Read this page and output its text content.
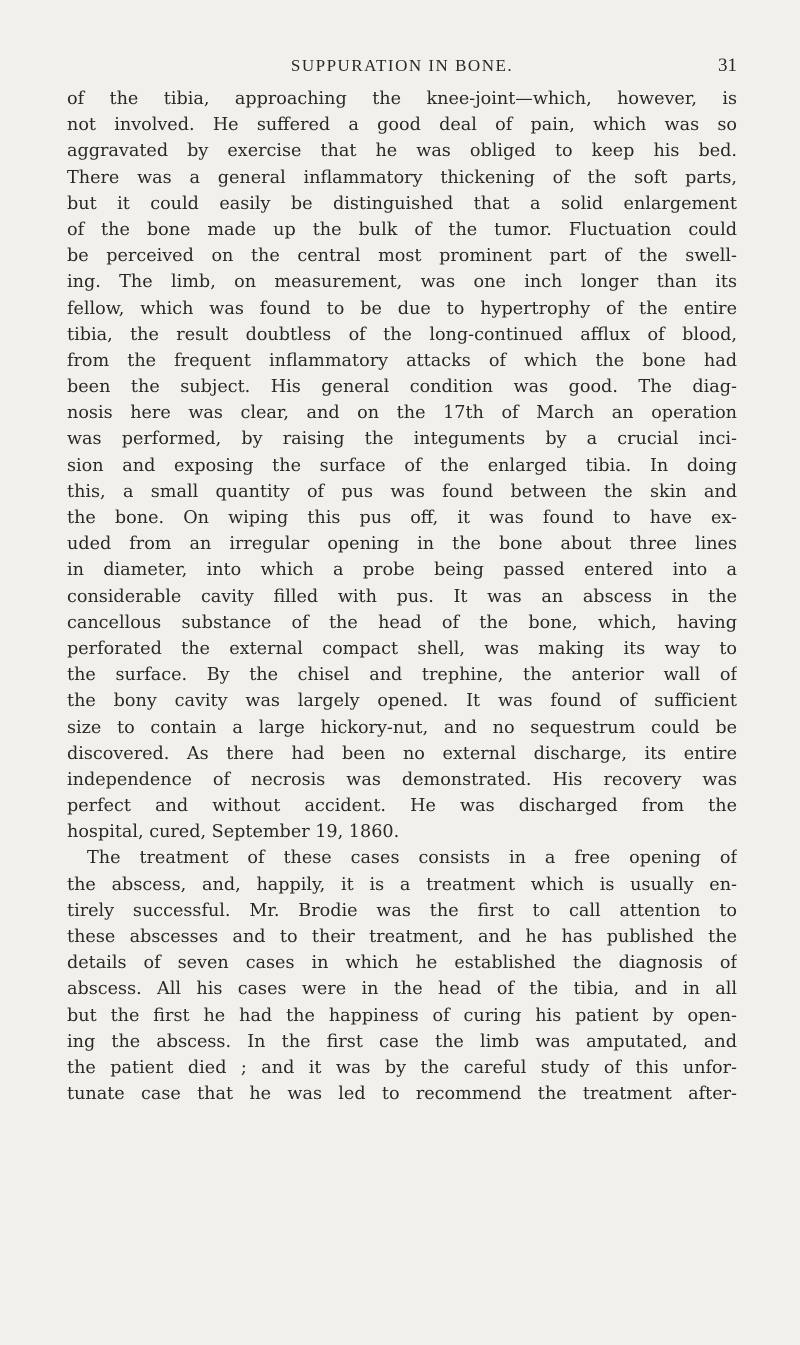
SUPPURATION IN BONE.	31
of the tibia, approaching the knee-joint—which, however, is
not involved. He suffered a good deal of pain, which was so
aggravated by exercise that he was obliged to keep his bed.
There was a general inflammatory thickening of the soft parts,
but it could easily be distinguished that a solid enlargement
of the bone made up the bulk of the tumor. Fluctuation could
be perceived on the central most prominent part of the swell-
ing. The limb, on measurement, was one inch longer than its
fellow, which was found to be due to hypertrophy of the entire
tibia, the result doubtless of the long-continued afflux of blood,
from the frequent inflammatory attacks of which the bone had
been the subject. His general condition was good. The diag-
nosis here was clear, and on the 17th of March an operation
was performed, by raising the integuments by a crucial inci-
sion and exposing the surface of the enlarged tibia. In doing
this, a small quantity of pus was found between the skin and
the bone. On wiping this pus off, it was found to have ex-
uded from an irregular opening in the bone about three lines
in diameter, into which a probe being passed entered into a
considerable cavity filled with pus. It was an abscess in the
cancellous substance of the head of the bone, which, having
perforated the external compact shell, was making its way to
the surface. By the chisel and trephine, the anterior wall of
the bony cavity was largely opened. It was found of sufficient
size to contain a large hickory-nut, and no sequestrum could be
discovered. As there had been no external discharge, its entire
independence of necrosis was demonstrated. His recovery was
perfect and without accident. He was discharged from the
hospital, cured, September 19, 1860.
The treatment of these cases consists in a free opening of
the abscess, and, happily, it is a treatment which is usually en-
tirely successful. Mr. Brodie was the first to call attention to
these abscesses and to their treatment, and he has published the
details of seven cases in which he established the diagnosis of
abscess. All his cases were in the head of the tibia, and in all
but the first he had the happiness of curing his patient by open-
ing the abscess. In the first case the limb was amputated, and
the patient died ; and it was by the careful study of this unfor-
tunate case that he was led to recommend the treatment after-
